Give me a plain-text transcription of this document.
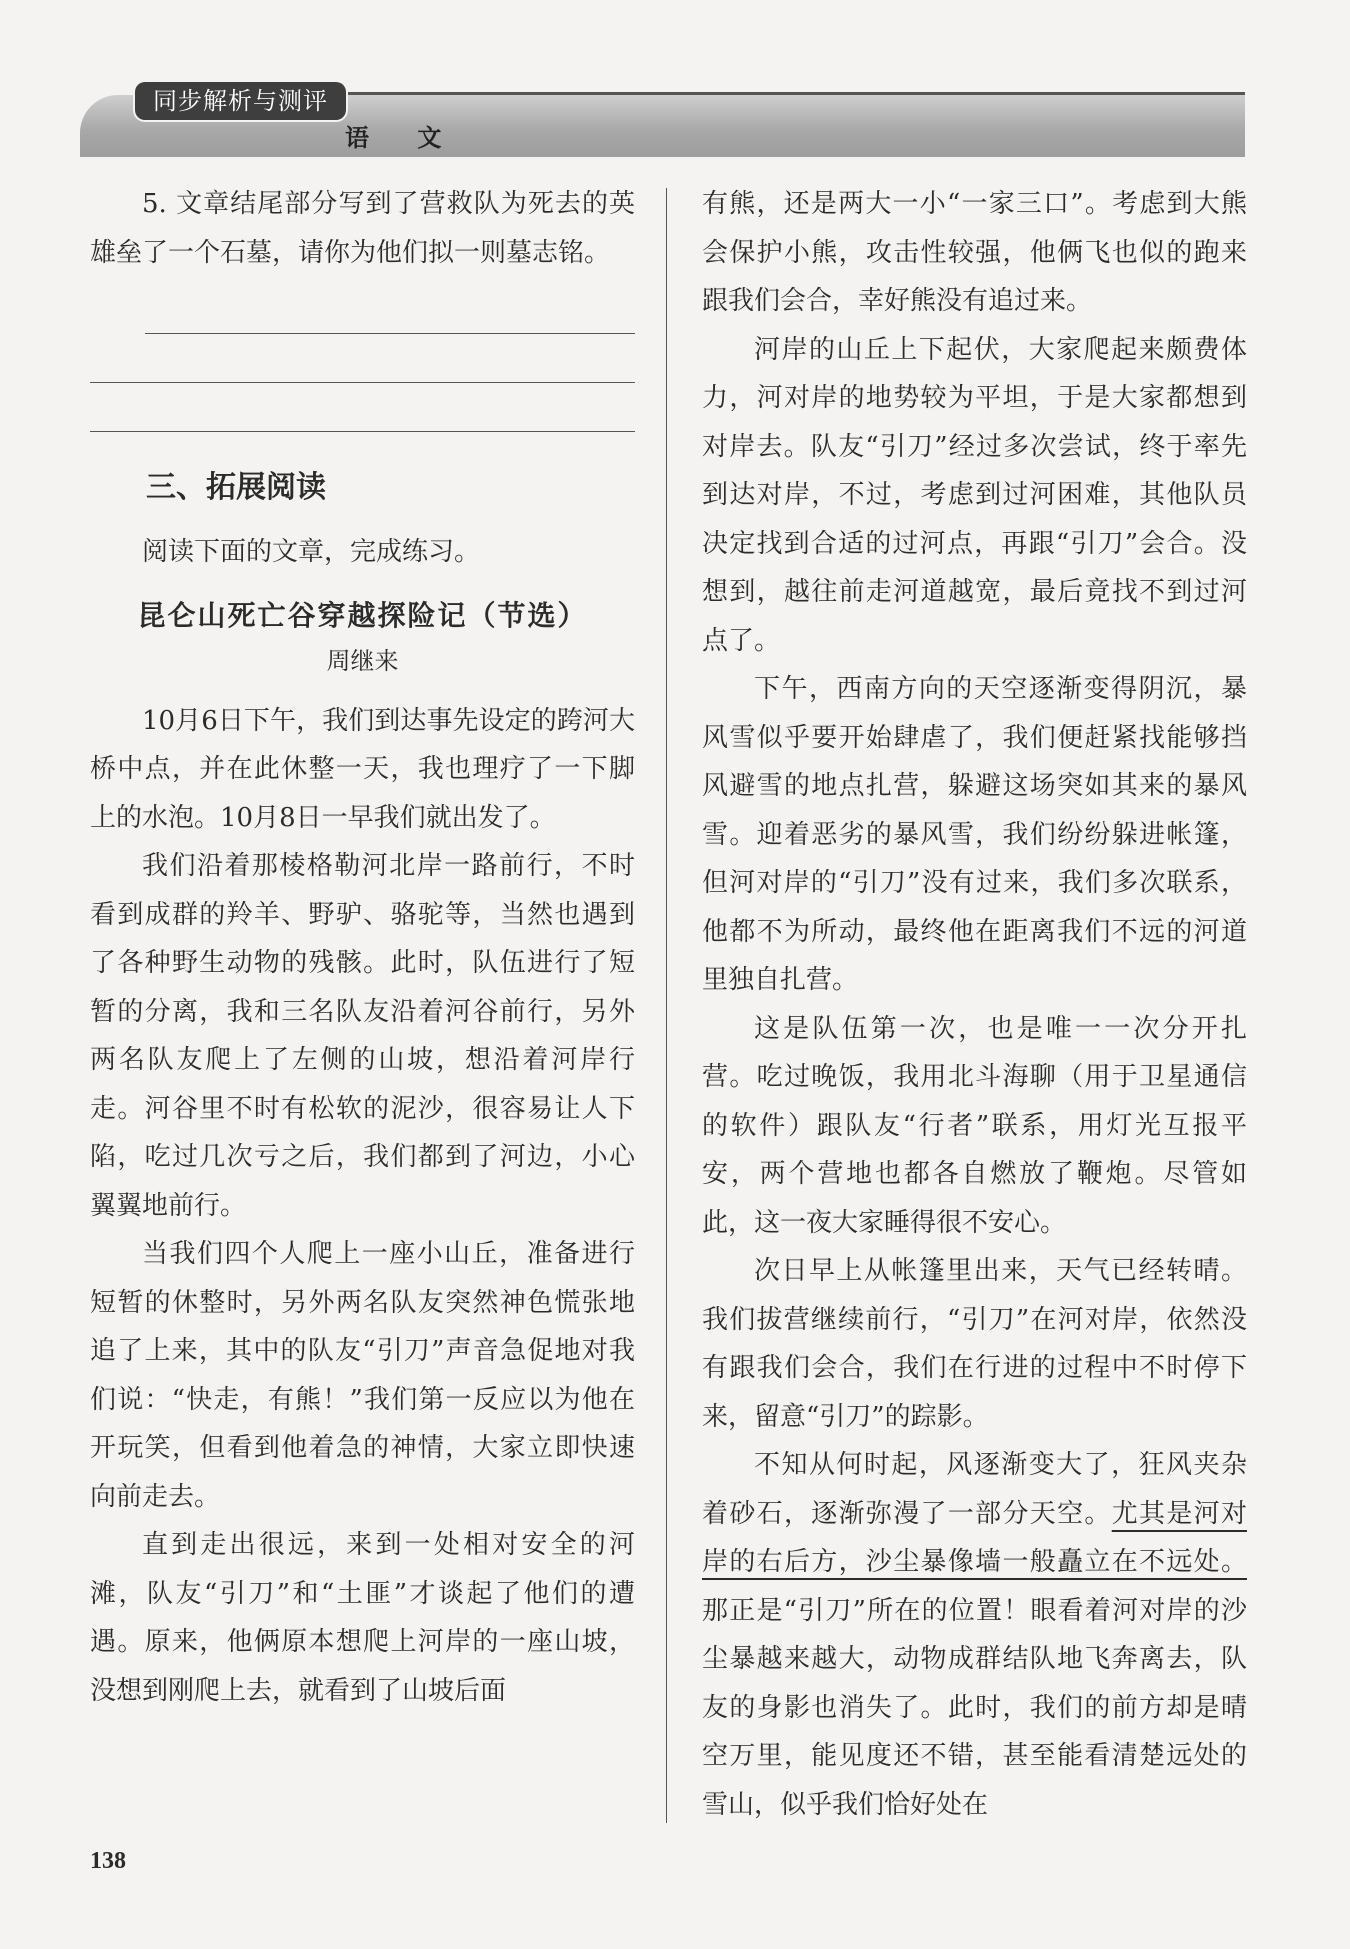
同步解析与测评
语 文

5. 文章结尾部分写到了营救队为死去的英雄垒了一个石墓，请你为他们拟一则墓志铭。

三、拓展阅读

阅读下面的文章，完成练习。

昆仑山死亡谷穿越探险记（节选）
周继来

10月6日下午，我们到达事先设定的跨河大桥中点，并在此休整一天，我也理疗了一下脚上的水泡。10月8日一早我们就出发了。

我们沿着那棱格勒河北岸一路前行，不时看到成群的羚羊、野驴、骆驼等，当然也遇到了各种野生动物的残骸。此时，队伍进行了短暂的分离，我和三名队友沿着河谷前行，另外两名队友爬上了左侧的山坡，想沿着河岸行走。河谷里不时有松软的泥沙，很容易让人下陷，吃过几次亏之后，我们都到了河边，小心翼翼地前行。

当我们四个人爬上一座小山丘，准备进行短暂的休整时，另外两名队友突然神色慌张地追了上来，其中的队友“引刀”声音急促地对我们说：“快走，有熊！”我们第一反应以为他在开玩笑，但看到他着急的神情，大家立即快速向前走去。

直到走出很远，来到一处相对安全的河滩，队友“引刀”和“土匪”才谈起了他们的遭遇。原来，他俩原本想爬上河岸的一座山坡，没想到刚爬上去，就看到了山坡后面

有熊，还是两大一小“一家三口”。考虑到大熊会保护小熊，攻击性较强，他俩飞也似的跑来跟我们会合，幸好熊没有追过来。

河岸的山丘上下起伏，大家爬起来颇费体力，河对岸的地势较为平坦，于是大家都想到对岸去。队友“引刀”经过多次尝试，终于率先到达对岸，不过，考虑到过河困难，其他队员决定找到合适的过河点，再跟“引刀”会合。没想到，越往前走河道越宽，最后竟找不到过河点了。

下午，西南方向的天空逐渐变得阴沉，暴风雪似乎要开始肆虐了，我们便赶紧找能够挡风避雪的地点扎营，躲避这场突如其来的暴风雪。迎着恶劣的暴风雪，我们纷纷躲进帐篷，但河对岸的“引刀”没有过来，我们多次联系，他都不为所动，最终他在距离我们不远的河道里独自扎营。

这是队伍第一次，也是唯一一次分开扎营。吃过晚饭，我用北斗海聊（用于卫星通信的软件）跟队友“行者”联系，用灯光互报平安，两个营地也都各自燃放了鞭炮。尽管如此，这一夜大家睡得很不安心。

次日早上从帐篷里出来，天气已经转晴。我们拔营继续前行，“引刀”在河对岸，依然没有跟我们会合，我们在行进的过程中不时停下来，留意“引刀”的踪影。

不知从何时起，风逐渐变大了，狂风夹杂着砂石，逐渐弥漫了一部分天空。尤其是河对岸的右后方，沙尘暴像墙一般矗立在不远处。那正是“引刀”所在的位置！眼看着河对岸的沙尘暴越来越大，动物成群结队地飞奔离去，队友的身影也消失了。此时，我们的前方却是晴空万里，能见度还不错，甚至能看清楚远处的雪山，似乎我们恰好处在

138
